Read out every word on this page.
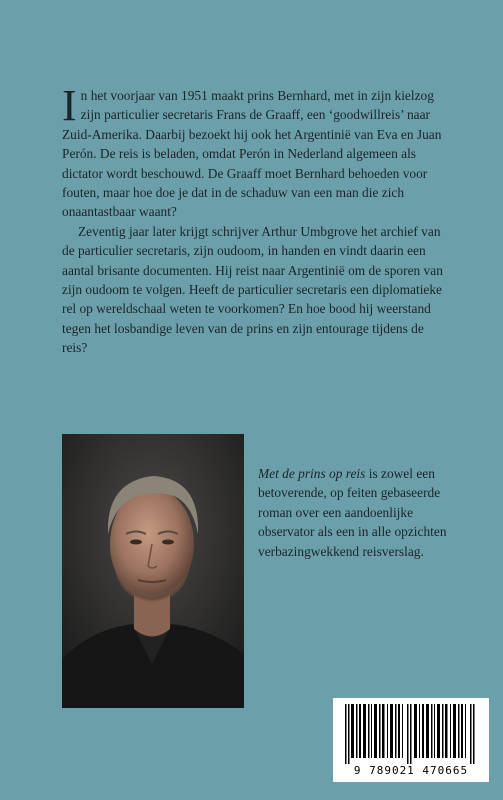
In het voorjaar van 1951 maakt prins Bernhard, met in zijn kielzog zijn particulier secretaris Frans de Graaff, een ‘goodwillreis’ naar Zuid-Amerika. Daarbij bezoekt hij ook het Argentinië van Eva en Juan Perón. De reis is beladen, omdat Perón in Nederland algemeen als dictator wordt beschouwd. De Graaff moet Bernhard behoeden voor fouten, maar hoe doe je dat in de schaduw van een man die zich onaantastbaar waant?

Zeventig jaar later krijgt schrijver Arthur Umbgrove het archief van de particulier secretaris, zijn oudoom, in handen en vindt daarin een aantal brisante documenten. Hij reist naar Argentinië om de sporen van zijn oudoom te volgen. Heeft de particulier secretaris een diplomatieke rel op wereldschaal weten te voorkomen? En hoe bood hij weerstand tegen het losbandige leven van de prins en zijn entourage tijdens de reis?

Met de prins op reis is zowel een betoverende, op feiten gebaseerde roman over een aandoenlijke observator als een in alle opzichten verbazingwekkend reisverslag.
9 789021 470665
